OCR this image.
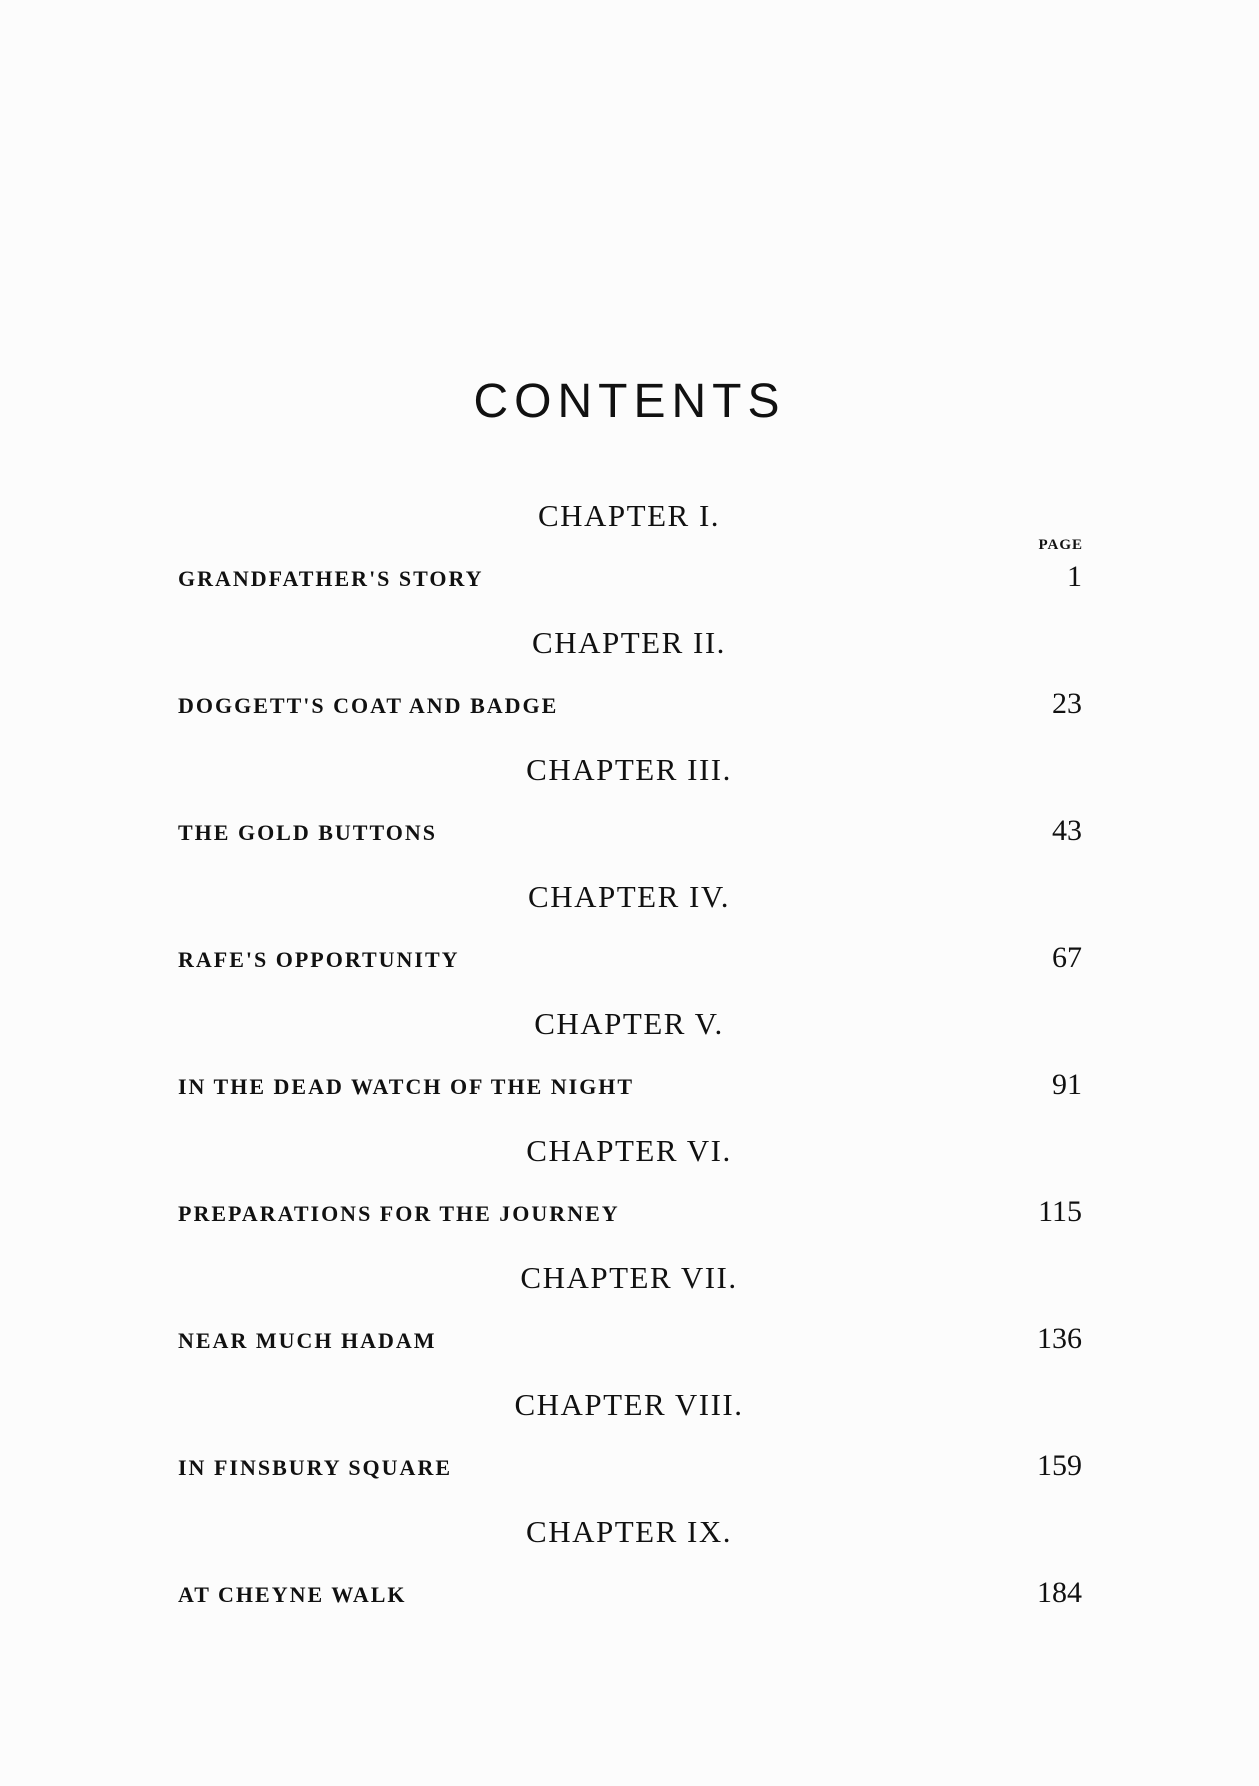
CONTENTS
PAGE
CHAPTER I.
GRANDFATHER'S STORY	1
CHAPTER II.
DOGGETT'S COAT AND BADGE	23
CHAPTER III.
THE GOLD BUTTONS	43
CHAPTER IV.
RAFE'S OPPORTUNITY	67
CHAPTER V.
IN THE DEAD WATCH OF THE NIGHT	91
CHAPTER VI.
PREPARATIONS FOR THE JOURNEY	115
CHAPTER VII.
NEAR MUCH HADAM	136
CHAPTER VIII.
IN FINSBURY SQUARE	159
CHAPTER IX.
AT CHEYNE WALK	184
